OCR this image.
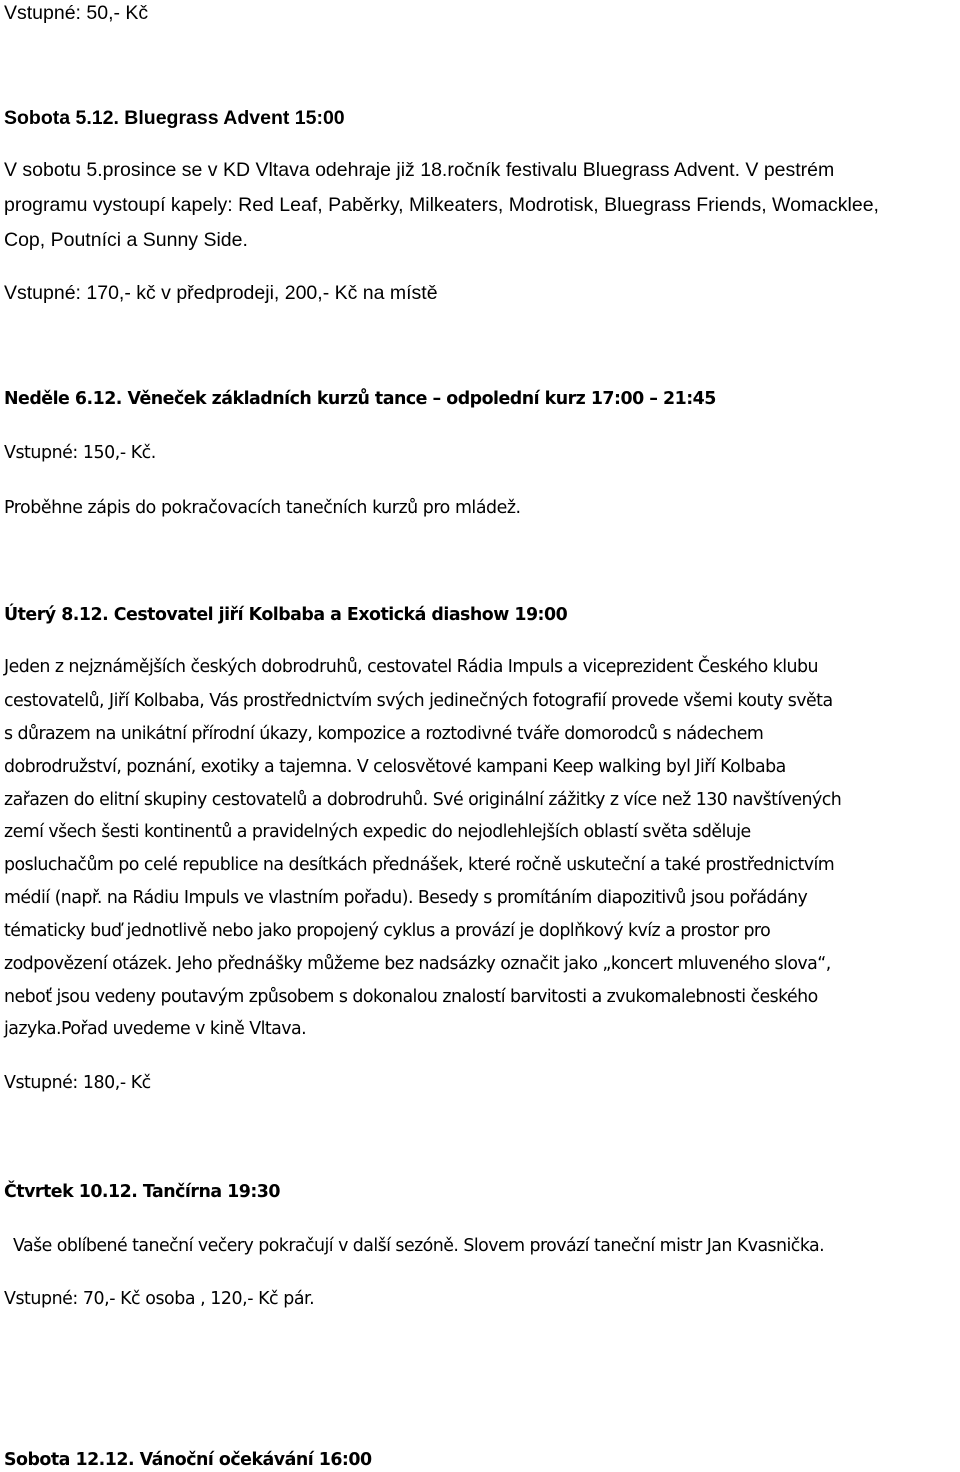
Vstupné: 50,- Kč
Sobota 5.12. Bluegrass Advent 15:00
V sobotu 5.prosince se v KD Vltava odehraje již 18.ročník festivalu Bluegrass Advent. V pestrém
programu vystoupí kapely: Red Leaf, Paběrky, Milkeaters, Modrotisk, Bluegrass Friends, Womacklee,
Cop, Poutníci a Sunny Side.
Vstupné: 170,- kč v předprodeji, 200,- Kč na místě
Neděle 6.12. Věneček základních kurzů tance – odpolední kurz 17:00 – 21:45
Vstupné: 150,- Kč.
Proběhne zápis do pokračovacích tanečních kurzů pro mládež.
Úterý 8.12. Cestovatel jiří Kolbaba a Exotická diashow 19:00
Jeden z nejznámějších českých dobrodruhů, cestovatel Rádia Impuls a viceprezident Českého klubu
cestovatelů, Jiří Kolbaba, Vás prostřednictvím svých jedinečných fotografií provede všemi kouty světa
s důrazem na unikátní přírodní úkazy, kompozice a roztodivné tváře domorodců s nádechem
dobrodružství, poznání, exotiky a tajemna. V celosvětové kampani Keep walking byl Jiří Kolbaba
zařazen do elitní skupiny cestovatelů a dobrodruhů. Své originální zážitky z více než 130 navštívených
zemí všech šesti kontinentů a pravidelných expedic do nejodlehlejších oblastí světa sděluje
posluchačům po celé republice na desítkách přednášek, které ročně uskuteční a také prostřednictvím
médií (např. na Rádiu Impuls ve vlastním pořadu). Besedy s promítáním diapozitivů jsou pořádány
tématicky buď jednotlivě nebo jako propojený cyklus a provází je doplňkový kvíz a prostor pro
zodpovězení otázek. Jeho přednášky můžeme bez nadsázky označit jako „koncert mluveného slova“,
neboť jsou vedeny poutavým způsobem s dokonalou znalostí barvitosti a zvukomalebnosti českého
jazyka.Pořad uvedeme v kině Vltava.
Vstupné: 180,- Kč
Čtvrtek 10.12. Tančírna 19:30
Vaše oblíbené taneční večery pokračují v další sezóně. Slovem provází taneční mistr Jan Kvasnička.
Vstupné: 70,- Kč osoba , 120,- Kč pár.
Sobota 12.12. Vánoční očekávání 16:00
